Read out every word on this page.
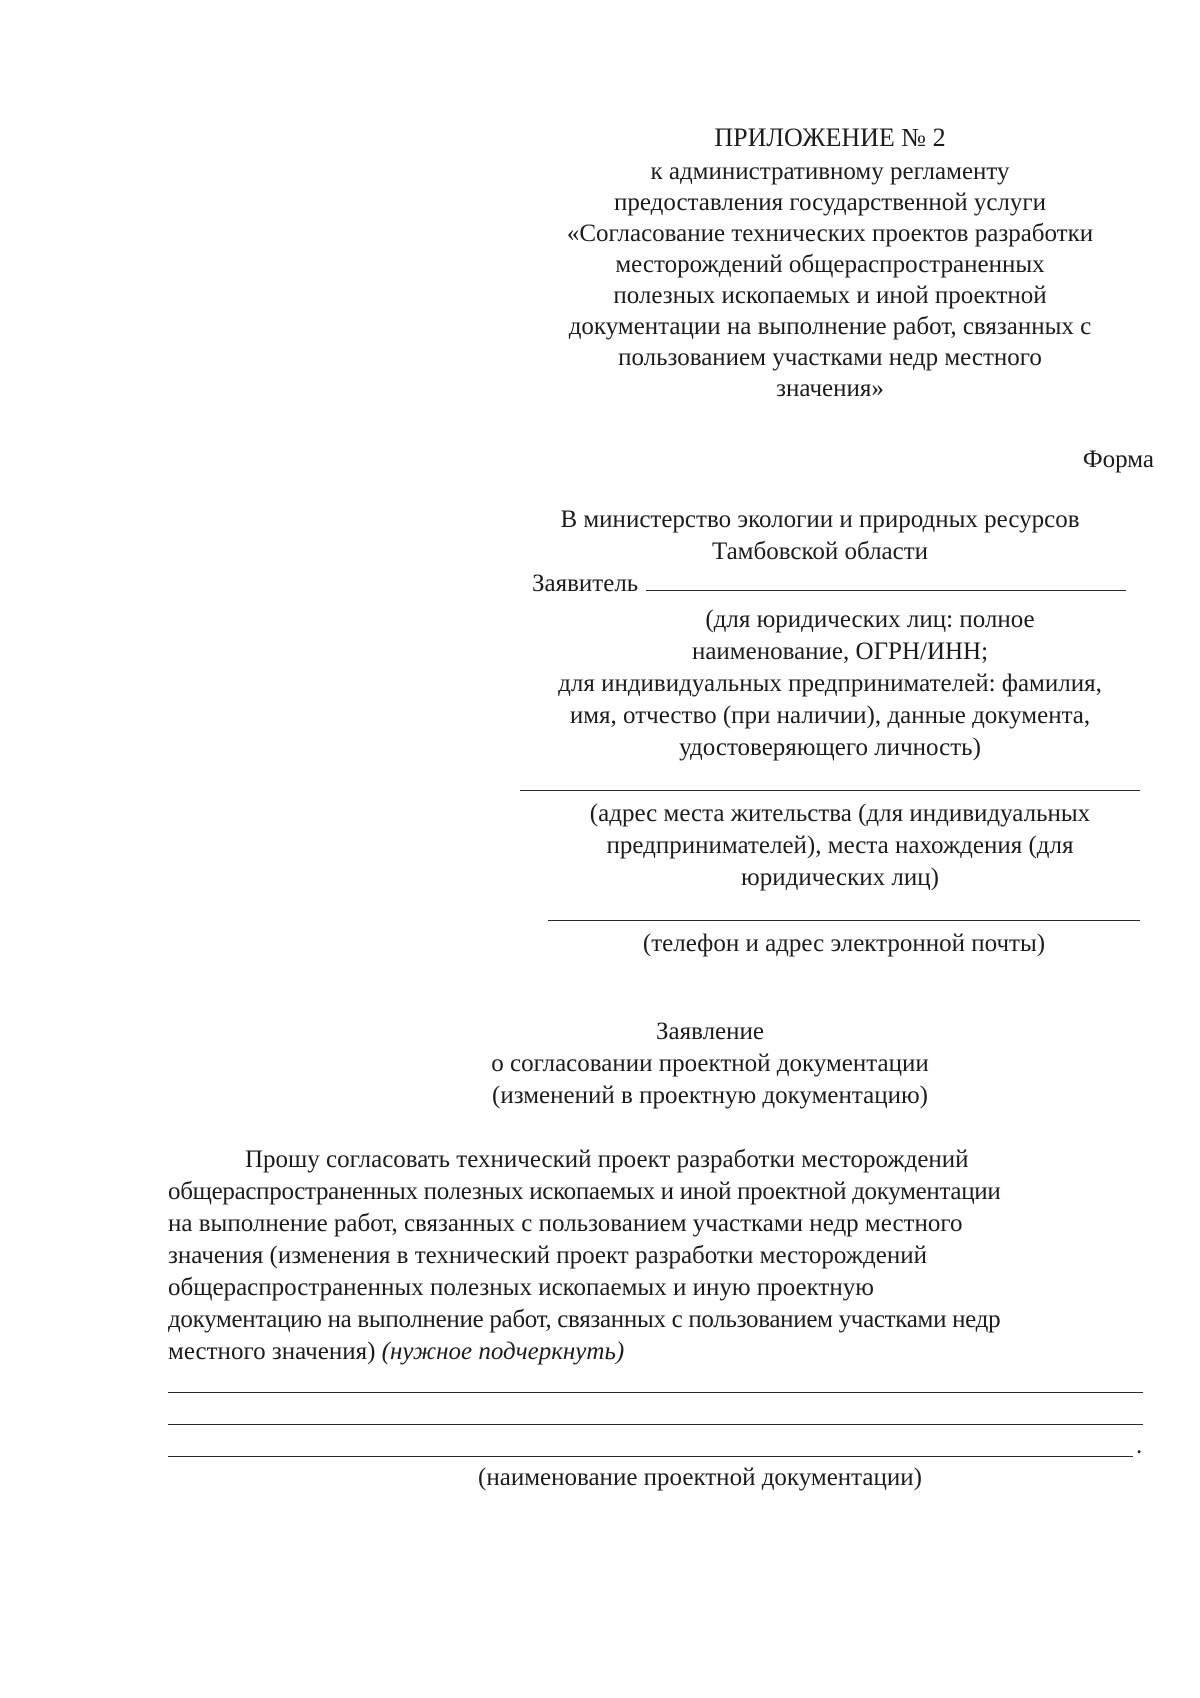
ПРИЛОЖЕНИЕ № 2
к административному регламенту
предоставления государственной услуги
«Согласование технических проектов разработки
месторождений общераспространенных
полезных ископаемых и иной проектной
документации на выполнение работ, связанных с
пользованием участками недр местного
значения»
Форма
В министерство экологии и природных ресурсов
Тамбовской области
Заявитель
(для юридических лиц: полное
наименование, ОГРН/ИНН;
для индивидуальных предпринимателей: фамилия,
имя, отчество (при наличии), данные документа,
удостоверяющего личность)
(адрес места жительства (для индивидуальных
предпринимателей), места нахождения (для
юридических лиц)
(телефон и адрес электронной почты)
Заявление
о согласовании проектной документации
(изменений в проектную документацию)
Прошу согласовать технический проект разработки месторождений
общераспространенных полезных ископаемых и иной проектной документации
на выполнение работ, связанных с пользованием участками недр местного
значения (изменения в технический проект разработки месторождений
общераспространенных полезных ископаемых и иную проектную
документацию на выполнение работ, связанных с пользованием участками недр
местного значения) (нужное подчеркнуть)
.
(наименование проектной документации)
